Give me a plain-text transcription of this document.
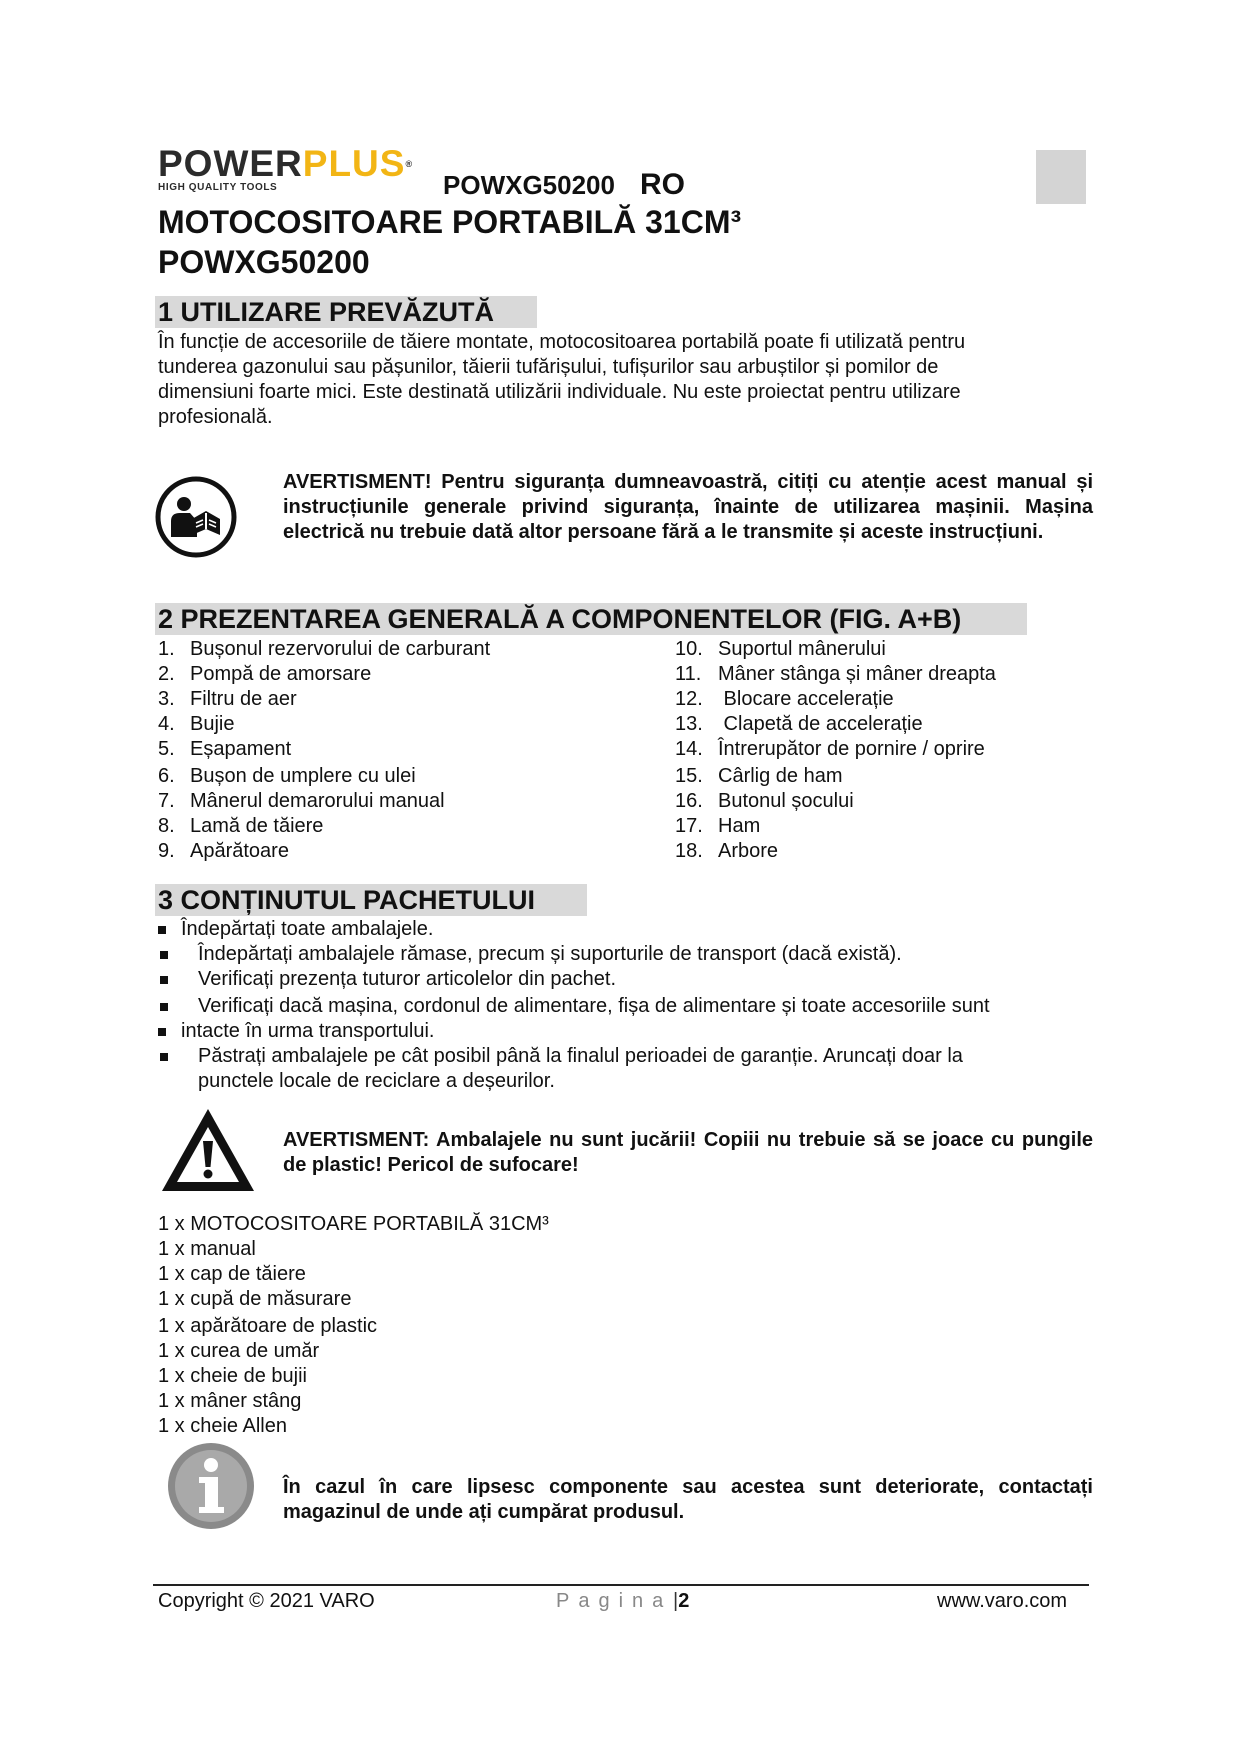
POWERPLUS®
HIGH QUALITY TOOLS	POWXG50200 RO
MOTOCOSITOARE PORTABILĂ 31CM³
POWXG50200
1 UTILIZARE PREVĂZUTĂ
În funcție de accesoriile de tăiere montate, motocositoarea portabilă poate fi utilizată pentru
tunderea gazonului sau pășunilor, tăierii tufărișului, tufișurilor sau arbuștilor și pomilor de
dimensiuni foarte mici. Este destinată utilizării individuale. Nu este proiectat pentru utilizare
profesională.
AVERTISMENT! Pentru siguranța dumneavoastră, citiți cu atenție acest manual și instrucțiunile generale privind siguranța, înainte de utilizarea mașinii. Mașina electrică nu trebuie dată altor persoane fără a le transmite și aceste instrucțiuni.
2 PREZENTAREA GENERALĂ A COMPONENTELOR (FIG. A+B)
1. Bușonul rezervorului de carburant
2. Pompă de amorsare
3. Filtru de aer
4. Bujie
5. Eșapament
6. Bușon de umplere cu ulei
7. Mânerul demarorului manual
8. Lamă de tăiere
9. Apărătoare
10. Suportul mânerului
11. Mâner stânga și mâner dreapta
12. Blocare accelerație
13. Clapetă de accelerație
14. Întrerupător de pornire / oprire
15. Cârlig de ham
16. Butonul șocului
17. Ham
18. Arbore
3 CONȚINUTUL PACHETULUI
Îndepărtați toate ambalajele.
Îndepărtați ambalajele rămase, precum și suporturile de transport (dacă există).
Verificați prezența tuturor articolelor din pachet.
Verificați dacă mașina, cordonul de alimentare, fișa de alimentare și toate accesoriile sunt
intacte în urma transportului.
Păstrați ambalajele pe cât posibil până la finalul perioadei de garanție. Aruncați doar la
punctele locale de reciclare a deșeurilor.
AVERTISMENT: Ambalajele nu sunt jucării! Copiii nu trebuie să se joace cu pungile de plastic! Pericol de sufocare!
1 x MOTOCOSITOARE PORTABILĂ 31CM³
1 x manual
1 x cap de tăiere
1 x cupă de măsurare
1 x apărătoare de plastic
1 x curea de umăr
1 x cheie de bujii
1 x mâner stâng
1 x cheie Allen
În cazul în care lipsesc componente sau acestea sunt deteriorate, contactați magazinul de unde ați cumpărat produsul.
Copyright © 2021 VARO	Pagina |2	www.varo.com
